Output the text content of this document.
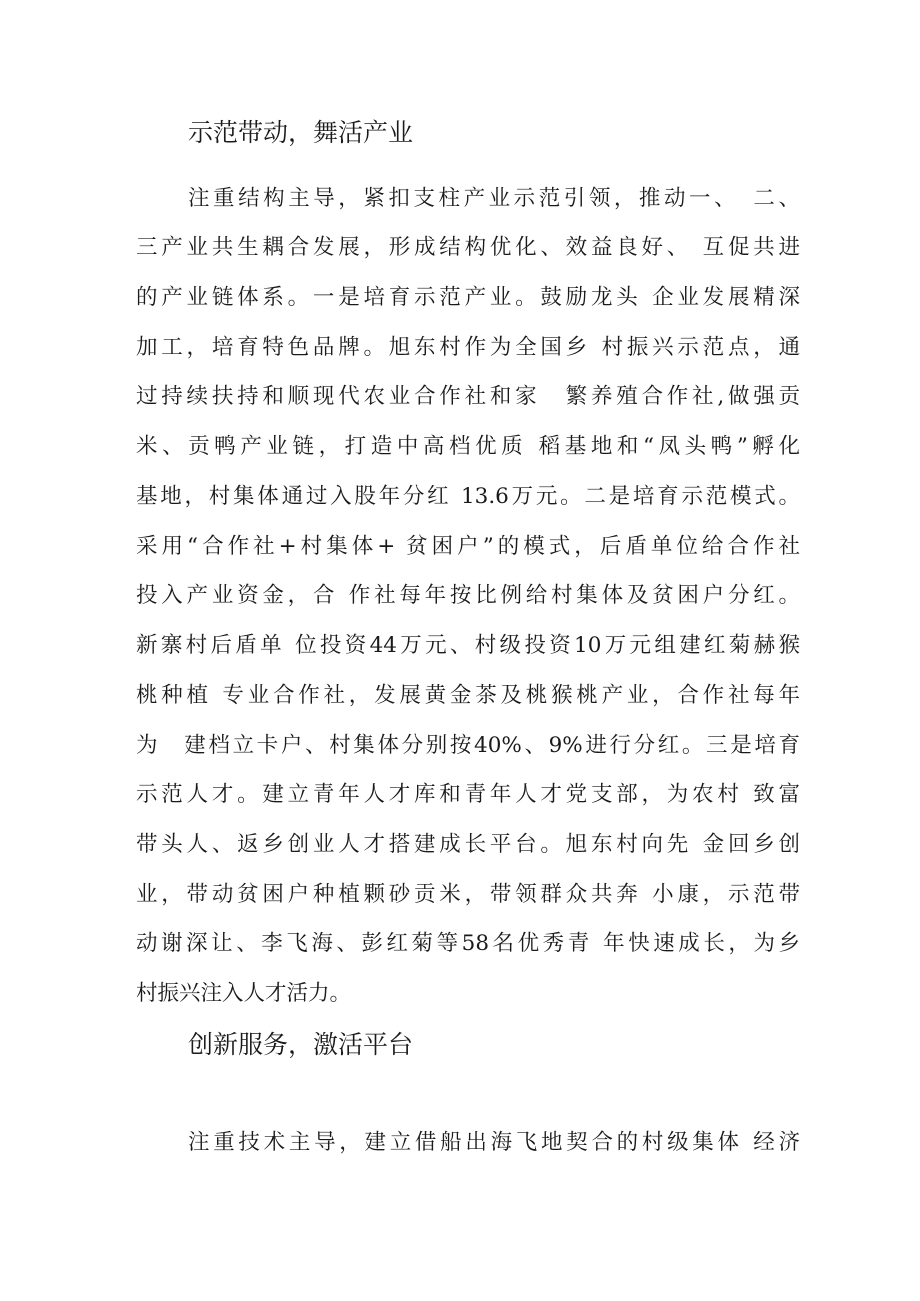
示范带动，舞活产业

注重结构主导，紧扣支柱产业示范引领，推动一、　二、

三产业共生耦合发展，形成结构优化、效益良好、 互促共进

的产业链体系。一是培育示范产业。鼓励龙头 企业发展精深

加工，培育特色品牌。旭东村作为全国乡 村振兴示范点，通

过持续扶持和顺现代农业合作社和家　繁养殖合作社,做强贡

米、贡鸭产业链，打造中高档优质 稻基地和“凤头鸭”孵化

基地，村集体通过入股年分红 13.6万元。二是培育示范模式。

采用“合作社+村集体+ 贫困户”的模式，后盾单位给合作社

投入产业资金，合 作社每年按比例给村集体及贫困户分红。

新寨村后盾单 位投资44万元、村级投资10万元组建红菊赫猴

桃种植 专业合作社，发展黄金茶及桃猴桃产业，合作社每年

为　建档立卡户、村集体分别按40%、9%进行分红。三是培育

示范人才。建立青年人才库和青年人才党支部，为农村 致富

带头人、返乡创业人才搭建成长平台。旭东村向先 金回乡创

业，带动贫困户种植颗砂贡米，带领群众共奔 小康，示范带

动谢深让、李飞海、彭红菊等58名优秀青 年快速成长，为乡

村振兴注入人才活力。

创新服务，激活平台

注重技术主导，建立借船出海飞地契合的村级集体 经济
